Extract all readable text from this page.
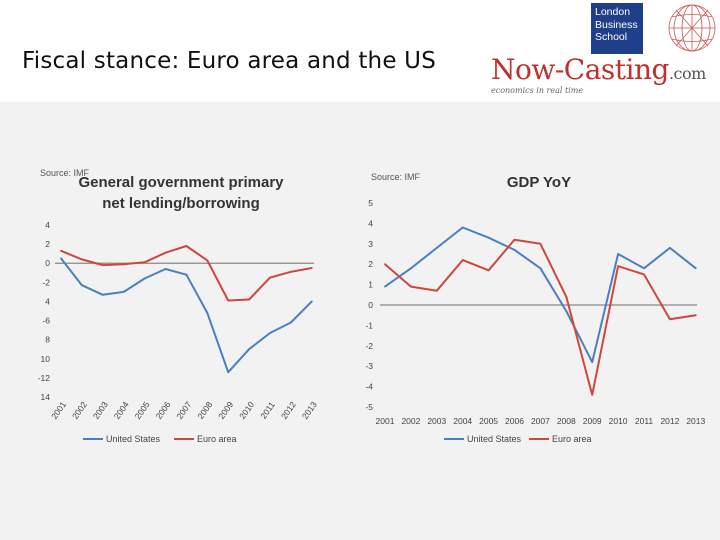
Fiscal stance: Euro area and the US
London
Business
School
Now-Casting.com
economics in real time
Source: IMF
General government primary
net lending/borrowing
4
2
0
-2
4
-6
8
10
-12
14
2001 2002 2003 2004 2005 2006 2007 2008 2009 2010 2011 2012 2013
United States	Euro area
Source: IMF	GDP YoY
5
4
3
2
1
0
-1
-2
-3
-4
-5
2001 2002 2003 2004 2005 2006 2007 2008 2009 2010 2011 2012 2013
United States	Euro area
